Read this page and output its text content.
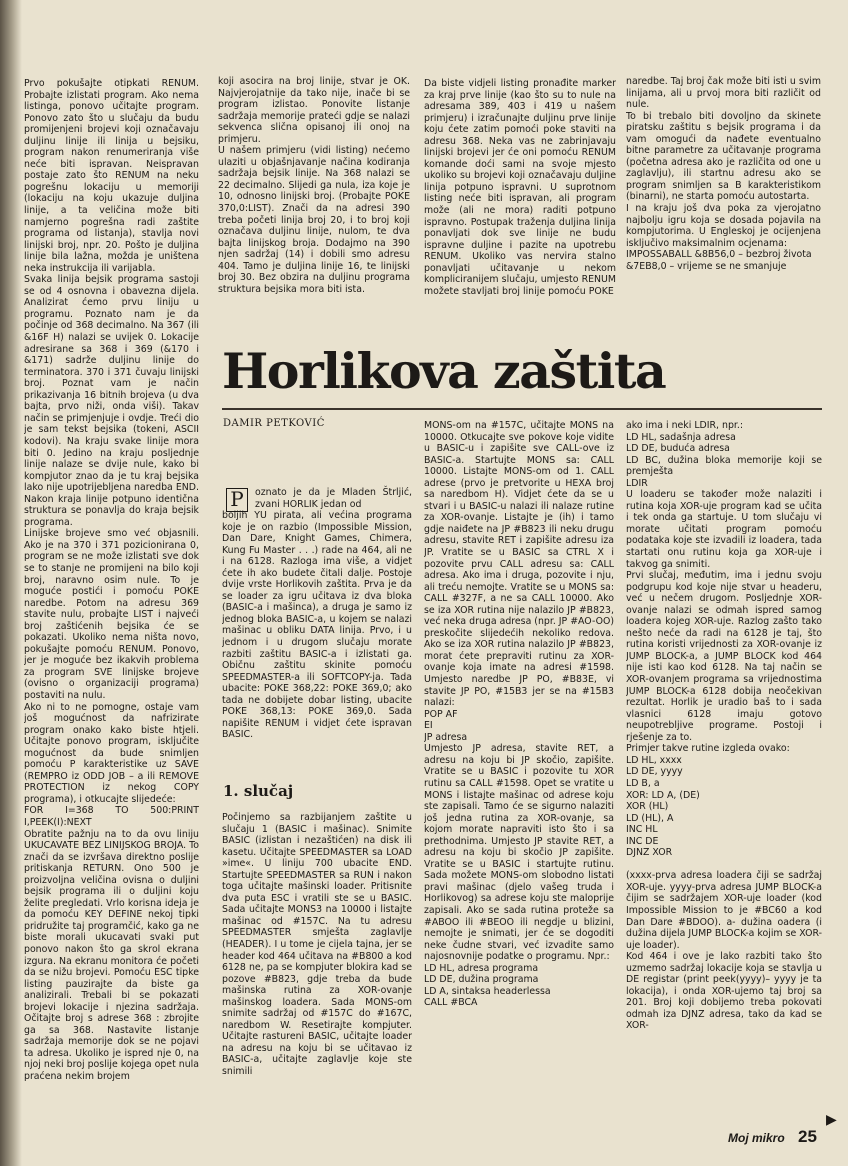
Prvo pokušajte otipkati RENUM. Probajte izlistati program. Ako nema listinga, ponovo učitajte program. Ponovo zato što u slučaju da budu promijenjeni brojevi koji označavaju duljinu linije ili linija u bejsiku, program nakon renumeriranja više neće biti ispravan. Neispravan postaje zato što RENUM na neku pogrešnu lokaciju u memoriji (lokaciju na koju ukazuje duljina linije, a ta veličina može biti namjerno pogrešna radi zaštite programa od listanja), stavlja novi linijski broj, npr. 20. Pošto je duljina linije bila lažna, možda je uništena neka instrukcija ili varijabla.
Svaka linija bejsik programa sastoji se od 4 osnovna i obavezna dijela. Analizirat ćemo prvu liniju u programu. Poznato nam je da počinje od 368 decimalno. Na 367 (ili &16F H) nalazi se uvijek 0. Lokacije adresirane sa 368 i 369 (&170 i &171) sadrže duljinu linije do terminatora. 370 i 371 čuvaju linijski broj. Poznat vam je način prikazivanja 16 bitnih brojeva (u dva bajta, prvo niži, onda viši). Takav način se primjenjuje i ovdje. Treći dio je sam tekst bejsika (tokeni, ASCII kodovi). Na kraju svake linije mora biti 0. Jedino na kraju posljednje linije nalaze se dvije nule, kako bi kompjutor znao da je tu kraj bejsika lako nije upotrijebljena naredba END. Nakon kraja linije potpuno identična struktura se ponavlja do kraja bejsik programa.
Linijske brojeve smo već objasnili. Ako je na 370 i 371 pozicionirana 0, program se ne može izlistati sve dok se to stanje ne promijeni na bilo koji broj, naravno osim nule. To je moguće postići i pomoću POKE naredbe. Potom na adresu 369 stavite nulu, probajte LIST i najveći broj zaštićenih bejsika će se pokazati. Ukoliko nema ništa novo, pokušajte pomoću RENUM. Ponovo, jer je moguće bez ikakvih problema za program SVE linijske brojeve (ovisno o organizaciji programa) postaviti na nulu.
Ako ni to ne pomogne, ostaje vam još mogućnost da nafrizirate program onako kako biste htjeli. Učitajte ponovo program, isključite mogućnost da bude snimljen pomoću P karakteristike uz SAVE (REMPRO iz ODD JOB – a ili REMOVE PROTECTION iz nekog COPY programa), i otkucajte slijedeće:
FOR I=368 TO 500:PRINT I,PEEK(I):NEXT
Obratite pažnju na to da ovu liniju UKUCAVATE BEZ LINIJSKOG BROJA. To znači da se izvršava direktno poslije pritiskanja RETURN. Ono 500 je proizvoljna veličina ovisna o duljini bejsik programa ili o duljini koju želite pregledati. Vrlo korisna ideja je da pomoću KEY DEFINE nekoj tipki pridružite taj programčić, kako ga ne biste morali ukucavati svaki put ponovo nakon što ga skrol ekrana izgura. Na ekranu monitora će početi da se nižu brojevi. Pomoću ESC tipke listing pauzirajte da biste ga analizirali. Trebali bi se pokazati brojevi lokacije i njezina sadržaja. Očitajte broj s adrese 368 : zbrojite ga sa 368. Nastavite listanje sadržaja memorije dok se ne pojavi ta adresa. Ukoliko je ispred nje 0, na njoj neki broj poslije kojega opet nula praćena nekim brojem
koji asocira na broj linije, stvar je OK. Najvjerojatnije da tako nije, inače bi se program izlistao. Ponovite listanje sadržaja memorije prateći gdje se nalazi sekvenca slična opisanoj ili onoj na primjeru.
U našem primjeru (vidi listing) nećemo ulaziti u objašnjavanje načina kodiranja sadržaja bejsik linije. Na 368 nalazi se 22 decimalno. Slijedi ga nula, iza koje je 10, odnosno linijski broj. (Probajte POKE 370,0:LIST). Znači da na adresi 390 treba početi linija broj 20, i to broj koji označava duljinu linije, nulom, te dva bajta linijskog broja. Dodajmo na 390 njen sadržaj (14) i dobili smo adresu 404. Tamo je duljina linije 16, te linijski broj 30. Bez obzira na duljinu programa struktura bejsika mora biti ista.
Da biste vidjeli listing pronađite marker za kraj prve linije (kao što su to nule na adresama 389, 403 i 419 u našem primjeru) i izračunajte duljinu prve linije koju ćete zatim pomoći poke staviti na adresu 368. Neka vas ne zabrinjavaju linijski brojevi jer će oni pomoću RENUM komande doći sami na svoje mjesto ukoliko su brojevi koji označavaju duljine linija potpuno ispravni. U suprotnom listing neće biti ispravan, ali program može (ali ne mora) raditi potpuno ispravno. Postupak traženja duljina linija ponavljati dok sve linije ne budu ispravne duljine i pazite na upotrebu RENUM. Ukoliko vas nervira stalno ponavljati učitavanje u nekom kompliciranijem slučaju, umjesto RENUM možete stavljati broj linije pomoću POKE
naredbe. Taj broj čak može biti isti u svim linijama, ali u prvoj mora biti različit od nule.
To bi trebalo biti dovoljno da skinete piratsku zaštitu s bejsik programa i da vam omogući da nađete eventualno bitne parametre za učitavanje programa (početna adresa ako je različita od one u zaglavlju), ili startnu adresu ako se program snimljen sa B karakteristikom (binarni), ne starta pomoću autostarta.
I na kraju još dva poka za vjerojatno najbolju igru koja se dosada pojavila na kompjutorima. U Engleskoj je ocijenjena isključivo maksimalnim ocjenama:
IMPOSSABALL &8B56,0 – bezbroj života
&7EB8,0 – vrijeme se ne smanjuje
Horlikova zaštita
DAMIR PETKOVIĆ
P	oznato je da je Mladen Štrljić, zvani HORLIK jedan od
boljih YU pirata, ali većina programa koje je on razbio (Impossible Mission, Dan Dare, Knight Games, Chimera, Kung Fu Master . . .) rade na 464, ali ne i na 6128. Razloga ima više, a vidjet ćete ih ako budete čitali dalje. Postoje dvije vrste Horlikovih zaštita. Prva je da se loader za igru učitava iz dva bloka (BASIC-a i mašinca), a druga je samo iz jednog bloka BASIC-a, u kojem se nalazi mašinac u obliku DATA linija. Prvo, i u jednom i u drugom slučaju morate razbiti zaštitu BASIC-a i izlistati ga. Običnu zaštitu skinite pomoću SPEEDMASTER-a ili SOFTCOPY-ja. Tada ubacite: POKE 368,22: POKE 369,0; ako tada ne dobijete dobar listing, ubacite POKE 368,13: POKE 369,0. Sada napišite RENUM i vidjet ćete ispravan BASIC.
1. slučaj
Počinjemo sa razbijanjem zaštite u slučaju 1 (BASIC i mašinac). Snimite BASIC (izlistan i nezaštićen) na disk ili kasetu. Učitajte SPEEDMASTER sa LOAD »ime«. U liniju 700 ubacite END. Startujte SPEEDMASTER sa RUN i nakon toga učitajte mašinski loader. Pritisnite dva puta ESC i vratili ste se u BASIC. Sada učitajte MONS3 na 10000 i listajte mašinac od #157C. Na tu adresu SPEEDMASTER smješta zaglavlje (HEADER). I u tome je cijela tajna, jer se header kod 464 učitava na #B800 a kod 6128 ne, pa se kompjuter blokira kad se pozove #B823, gdje treba da bude mašinska rutina za XOR-ovanje mašinskog loadera. Sada MONS-om snimite sadržaj od #157C do #167C, naredbom W. Resetirajte kompjuter. Učitajte rastureni BASIC, učitajte loader na adresu na koju bi se učitavao iz BASIC-a, učitajte zaglavlje koje ste snimili
MONS-om na #157C, učitajte MONS na 10000. Otkucajte sve pokove koje vidite u BASIC-u i zapišite sve CALL-ove iz BASIC-a. Startujte MONS sa: CALL 10000. Listajte MONS-om od 1. CALL adrese (prvo je pretvorite u HEXA broj sa naredbom H). Vidjet ćete da se u stvari i u BASIC-u nalazi ili nalaze rutine za XOR-ovanje. Listajte je (ih) i tamo gdje naiđete na JP #B823 ili neku drugu adresu, stavite RET i zapišite adresu iza JP. Vratite se u BASIC sa CTRL X i pozovite prvu CALL adresu sa: CALL adresa. Ako ima i druga, pozovite i nju, ali treću nemojte. Vratite se u MONS sa: CALL #327F, a ne sa CALL 10000. Ako se iza XOR rutina nije nalazilo JP #B823, već neka druga adresa (npr. JP #AO-OO) preskočite slijedećih nekoliko redova. Ako se iza XOR rutina nalazilo JP #B823, morat ćete prepraviti rutinu za XOR-ovanje koja imate na adresi #1598. Umjesto naredbe JP PO, #B83E, vi stavite JP PO, #15B3 jer se na #15B3 nalazi:
POP AF
EI
JP adresa
Umjesto JP adresa, stavite RET, a adresu na koju bi JP skočio, zapišite. Vratite se u BASIC i pozovite tu XOR rutinu sa CALL #1598. Opet se vratite u MONS i listajte mašinac od adrese koju ste zapisali. Tamo će se sigurno nalaziti još jedna rutina za XOR-ovanje, sa kojom morate napraviti isto što i sa prethodnima. Umjesto JP stavite RET, a adresu na koju bi skočio JP zapišite. Vratite se u BASIC i startujte rutinu. Sada možete MONS-om slobodno listati pravi mašinac (djelo vašeg truda i Horlikovog) sa adrese koju ste maloprije zapisali. Ako se sada rutina proteže sa #ABOO ili #BEOO ili negdje u blizini, nemojte je snimati, jer će se dogoditi neke čudne stvari, već izvadite samo najosnovnije podatke o programu. Npr.:
LD HL, adresa programa
LD DE, dužina programa
LD A, sintaksa headerlessa
CALL #BCA
ako ima i neki LDIR, npr.:
LD HL, sadašnja adresa
LD DE, buduća adresa
LD BC, dužina bloka memorije koji se premješta
LDIR
U loaderu se također može nalaziti i rutina koja XOR-uje program kad se učita i tek onda ga startuje. U tom slučaju vi morate učitati program pomoću podataka koje ste izvadili iz loadera, tada startati onu rutinu koja ga XOR-uje i takvog ga snimiti.
Prvi slučaj, međutim, ima i jednu svoju podgrupu kod koje nije stvar u headeru, već u nečem drugom. Posljednje XOR-ovanje nalazi se odmah ispred samog loadera kojeg XOR-uje. Razlog zašto tako nešto neće da radi na 6128 je taj, što rutina koristi vrijednosti za XOR-ovanje iz JUMP BLOCK-a, a JUMP BLOCK kod 464 nije isti kao kod 6128. Na taj način se XOR-ovanjem programa sa vrijednostima JUMP BLOCK-a 6128 dobija neočekivan rezultat. Horlik je uradio baš to i sada vlasnici 6128 imaju gotovo neupotrebljive programe. Postoji i rješenje za to.
Primjer takve rutine izgleda ovako:
LD HL, xxxx
LD DE, yyyy
LD B, a
XOR: LD A, (DE)
XOR (HL)
LD (HL), A
INC HL
INC DE
DJNZ XOR

(xxxx-prva adresa loadera čiji se sadržaj XOR-uje. yyyy-prva adresa JUMP BLOCK-a čijim se sadržajem XOR-uje loader (kod Impossible Mission to je #BC60 a kod Dan Dare #BDOO). a- dužina oadera (i dužina dijela JUMP BLOCK-a kojim se XOR-uje loader).
Kod 464 i ove je lako razbiti tako što uzmemo sadržaj lokacije koja se stavlja u DE registar (print peek(yyyy)– yyyy je ta lokacija), i onda XOR-ujemo taj broj sa 201. Broj koji dobijemo treba pokovati odmah iza DJNZ adresa, tako da kad se XOR-
Moj mikro 25
▶
